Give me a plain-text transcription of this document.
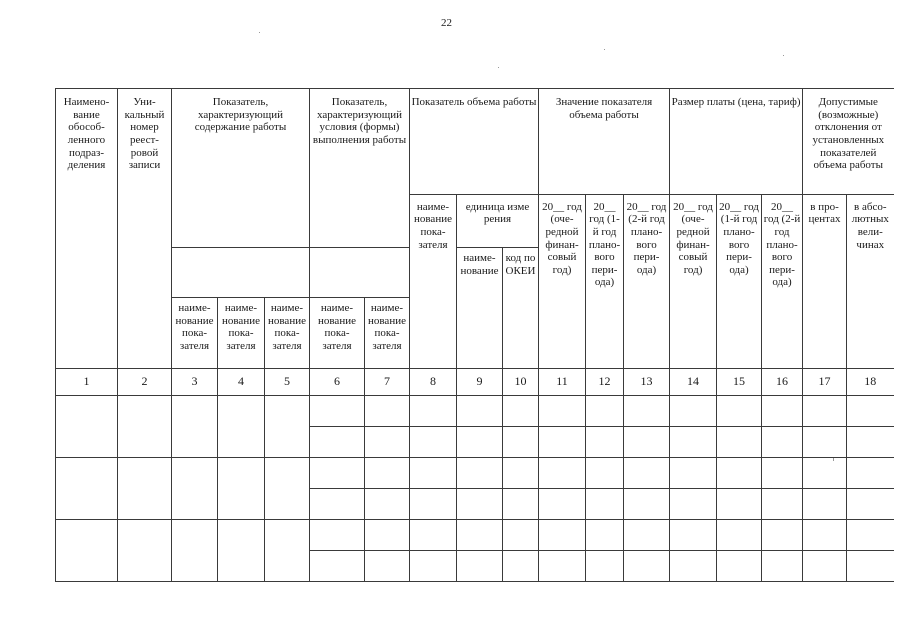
22
Наимено-вание обособ-ленного подраз-деления	Уни-кальный номер реест-ровой записи	Показатель, характеризующий содержание работы			Показатель, характеризующий условия (формы) выполнения работы		Показатель объема работы			Значение показателя объема работы			Размер платы (цена, тариф)			Допустимые (возможные) отклонения от установленных показателей объема работы	
							наиме-нование пока-зателя	единица изме рения		20__ год (оче-редной финан-совый год)	20__ год (1-й год плано-вого пери-ода)	20__ год (2-й год плано-вого пери-ода)	20__ год (оче-редной финан-совый год)	20__ год (1-й год плано-вого пери-ода)	20__ год (2-й год плано-вого пери-ода)	в про-центах	в абсо-лютных вели-чинах
								наиме-нование	код по ОКЕИ								
		наиме-нование пока-зателя	наиме-нование пока-зателя	наиме-нование пока-зателя	наиме-нование пока-зателя	наиме-нование пока-зателя											
1	2	3	4	5	6	7	8	9	10	11	12	13	14	15	16	17	18
